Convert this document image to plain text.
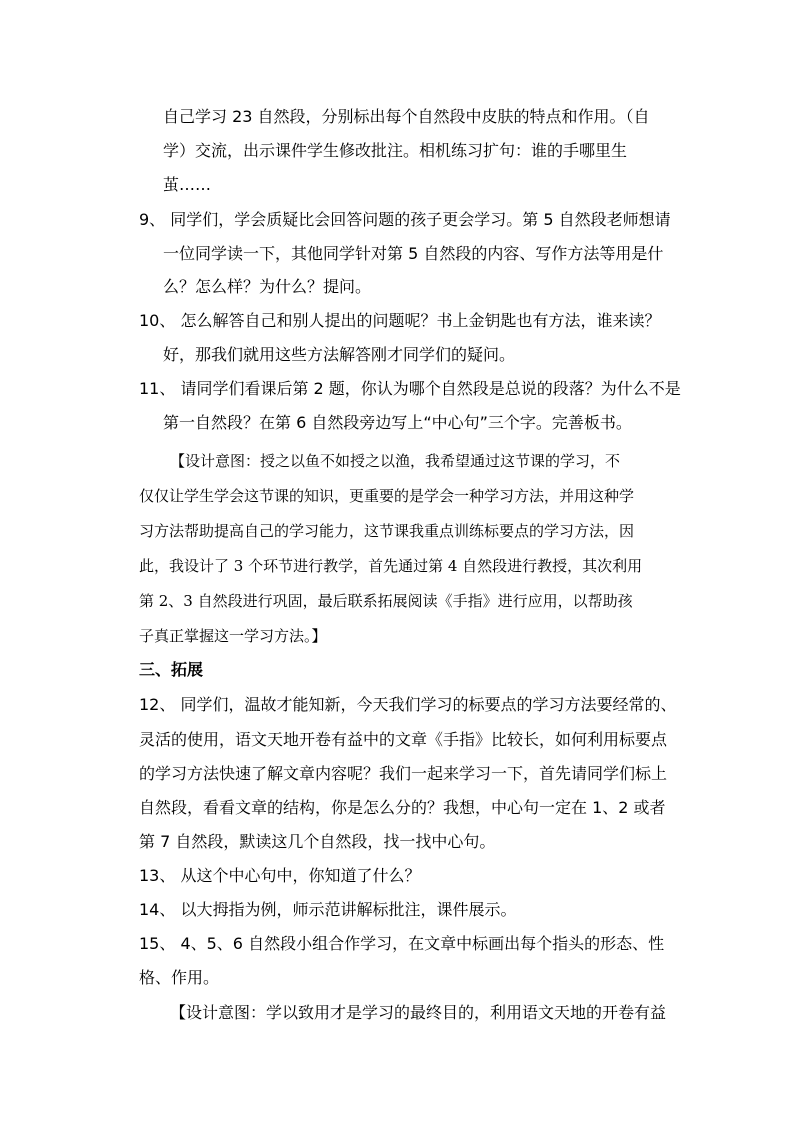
自己学习 23 自然段，分别标出每个自然段中皮肤的特点和作用。（自
学）交流，出示课件学生修改批注。相机练习扩句：谁的手哪里生
茧……
9、 同学们，学会质疑比会回答问题的孩子更会学习。第 5 自然段老师想请
一位同学读一下，其他同学针对第 5 自然段的内容、写作方法等用是什
么？怎么样？为什么？提问。
10、 怎么解答自己和别人提出的问题呢？书上金钥匙也有方法，谁来读？
好，那我们就用这些方法解答刚才同学们的疑问。
11、 请同学们看课后第 2 题，你认为哪个自然段是总说的段落？为什么不是
第一自然段？在第 6 自然段旁边写上“中心句”三个字。完善板书。
【设计意图：授之以鱼不如授之以渔，我希望通过这节课的学习，不
仅仅让学生学会这节课的知识，更重要的是学会一种学习方法，并用这种学
习方法帮助提高自己的学习能力，这节课我重点训练标要点的学习方法，因
此，我设计了 3 个环节进行教学，首先通过第 4 自然段进行教授，其次利用
第 2、3 自然段进行巩固，最后联系拓展阅读《手指》进行应用，以帮助孩
子真正掌握这一学习方法。】
三、拓展
12、 同学们，温故才能知新，今天我们学习的标要点的学习方法要经常的、
灵活的使用，语文天地开卷有益中的文章《手指》比较长，如何利用标要点
的学习方法快速了解文章内容呢？我们一起来学习一下，首先请同学们标上
自然段，看看文章的结构，你是怎么分的？我想，中心句一定在 1、2 或者
第 7 自然段，默读这几个自然段，找一找中心句。
13、 从这个中心句中，你知道了什么？
14、 以大拇指为例，师示范讲解标批注，课件展示。
15、 4、5、6 自然段小组合作学习，在文章中标画出每个指头的形态、性
格、作用。
【设计意图：学以致用才是学习的最终目的，利用语文天地的开卷有益
